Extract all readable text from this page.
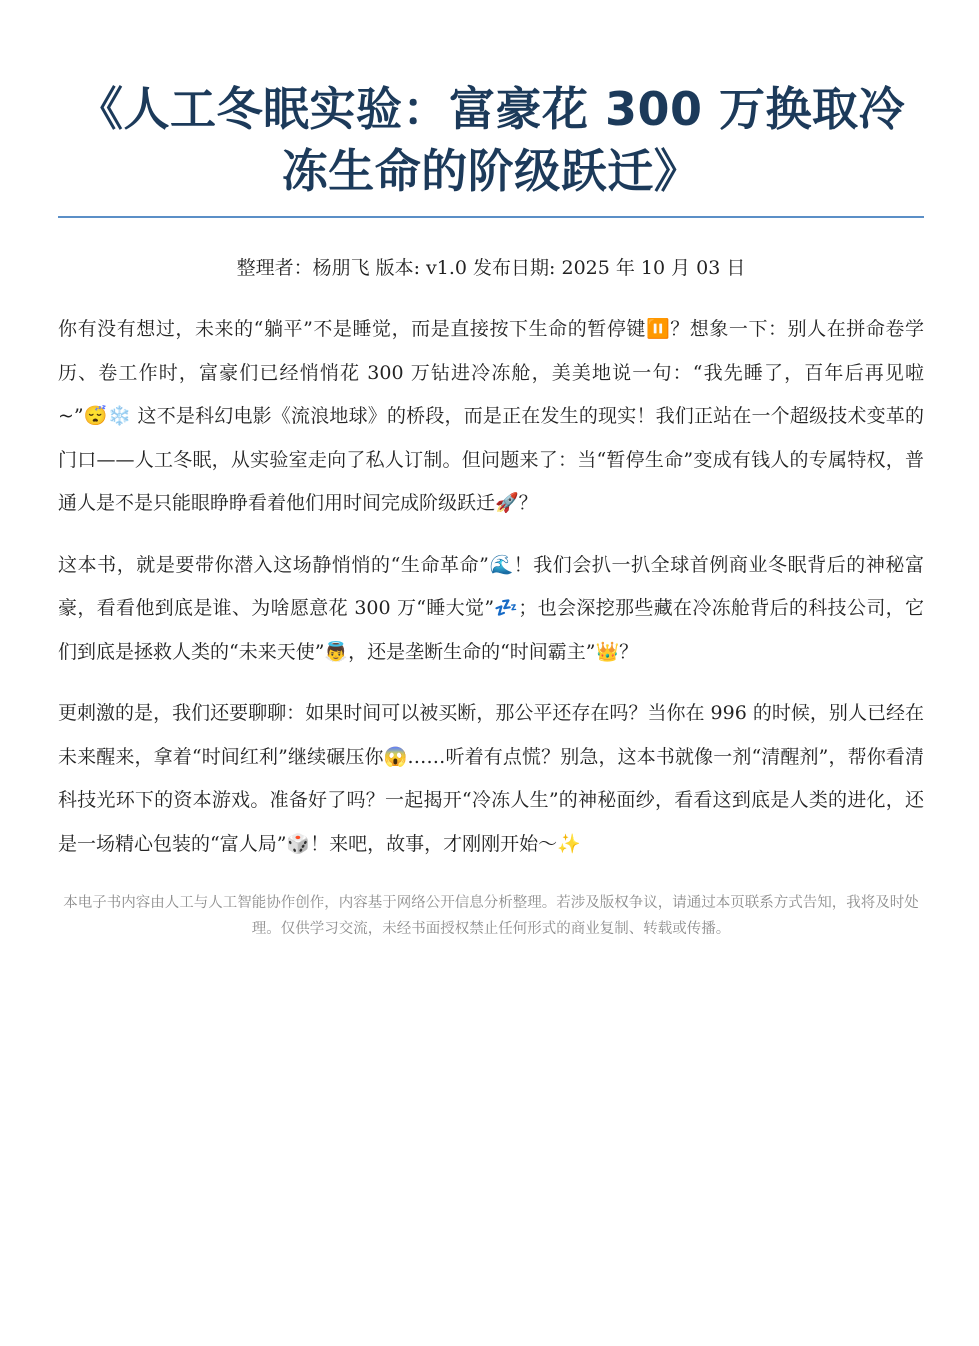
《人工冬眠实验：富豪花 300 万换取冷冻生命的阶级跃迁》
整理者：杨朋飞 版本: v1.0 发布日期: 2025 年 10 月 03 日

你有没有想过，未来的“躺平”不是睡觉，而是直接按下生命的暂停键⏸️？想象一下：别人在拼命卷学历、卷工作时，富豪们已经悄悄花 300 万钻进冷冻舱，美美地说一句：“我先睡了，百年后再见啦~”😴❄️ 这不是科幻电影《流浪地球》的桥段，而是正在发生的现实！我们正站在一个超级技术变革的门口——人工冬眠，从实验室走向了私人订制。但问题来了：当“暂停生命”变成有钱人的专属特权，普通人是不是只能眼睁睁看着他们用时间完成阶级跃迁🚀？

这本书，就是要带你潜入这场静悄悄的“生命革命”🌊！我们会扒一扒全球首例商业冬眠背后的神秘富豪，看看他到底是谁、为啥愿意花 300 万“睡大觉”💤；也会深挖那些藏在冷冻舱背后的科技公司，它们到底是拯救人类的“未来天使”👼，还是垄断生命的“时间霸主”👑？

更刺激的是，我们还要聊聊：如果时间可以被买断，那公平还存在吗？当你在 996 的时候，别人已经在未来醒来，拿着“时间红利”继续碾压你😱……听着有点慌？别急，这本书就像一剂“清醒剂”，帮你看清科技光环下的资本游戏。准备好了吗？一起揭开“冷冻人生”的神秘面纱，看看这到底是人类的进化，还是一场精心包装的“富人局”🎲！来吧，故事，才刚刚开始～✨

本电子书内容由人工与人工智能协作创作，内容基于网络公开信息分析整理。若涉及版权争议，请通过本页联系方式告知，我将及时处理。仅供学习交流，未经书面授权禁止任何形式的商业复制、转载或传播。
